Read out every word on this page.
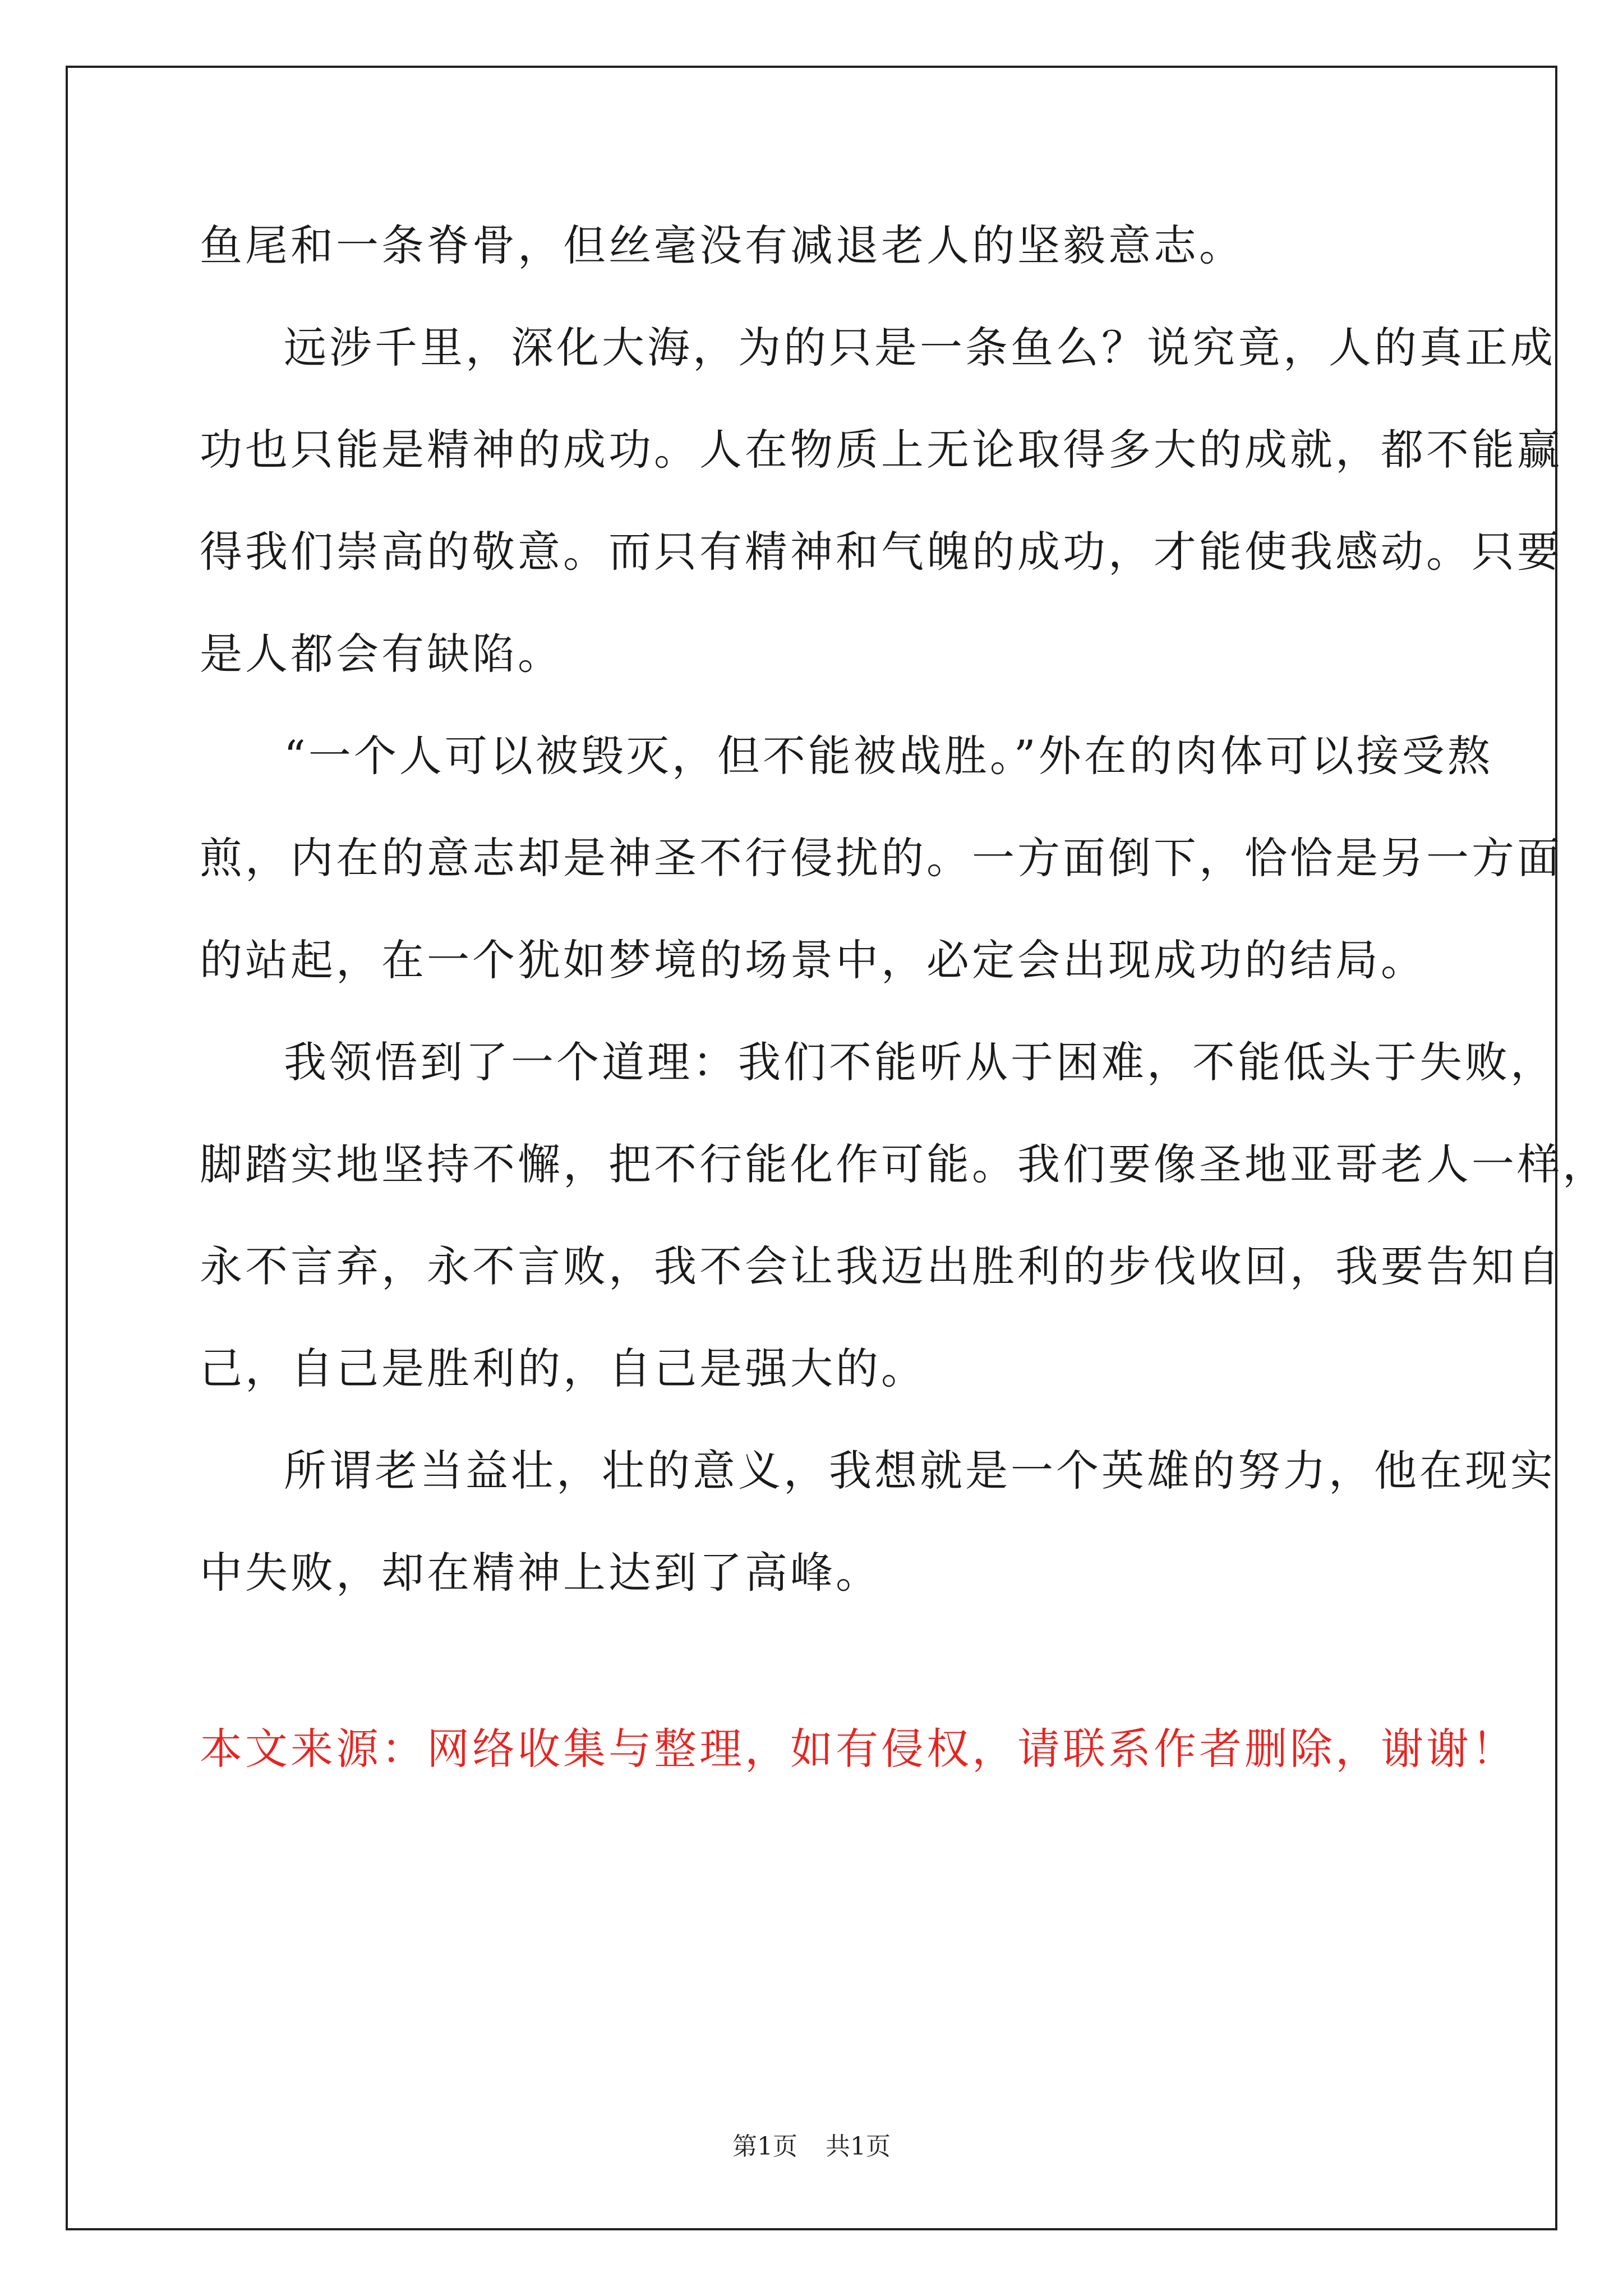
鱼尾和一条脊骨，但丝毫没有减退老人的坚毅意志。
远涉千里，深化大海，为的只是一条鱼么？说究竟，人的真正成
功也只能是精神的成功。人在物质上无论取得多大的成就，都不能赢
得我们崇高的敬意。而只有精神和气魄的成功，才能使我感动。只要
是人都会有缺陷。
“一个人可以被毁灭，但不能被战胜。”外在的肉体可以接受熬
煎，内在的意志却是神圣不行侵扰的。一方面倒下，恰恰是另一方面
的站起，在一个犹如梦境的场景中，必定会出现成功的结局。
我领悟到了一个道理：我们不能听从于困难，不能低头于失败，
脚踏实地坚持不懈，把不行能化作可能。我们要像圣地亚哥老人一样，
永不言弃，永不言败，我不会让我迈出胜利的步伐收回，我要告知自
己，自己是胜利的，自己是强大的。
所谓老当益壮，壮的意义，我想就是一个英雄的努力，他在现实
中失败，却在精神上达到了高峰。
本文来源：网络收集与整理，如有侵权，请联系作者删除，谢谢！
第1页 共1页
